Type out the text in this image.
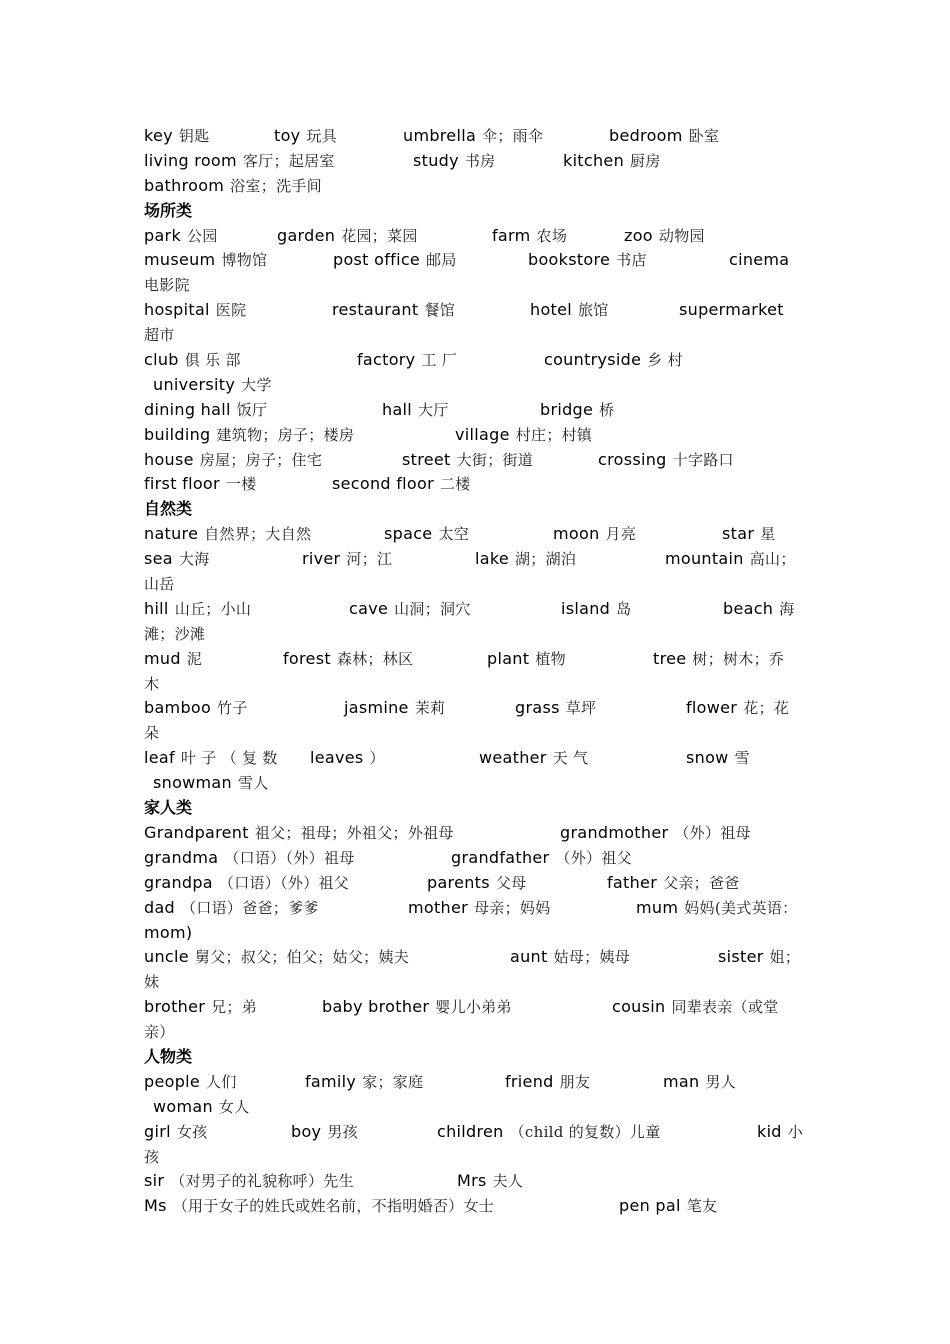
key 钥匙	toy 玩具	umbrella 伞；雨伞	bedroom 卧室
living room 客厅；起居室	study 书房	kitchen 厨房
bathroom 浴室；洗手间
场所类
park 公园	garden 花园；菜园	farm 农场	zoo 动物园
museum 博物馆	post office 邮局	bookstore 书店	cinema
电影院
hospital 医院	restaurant 餐馆	hotel 旅馆	supermarket
超市
club 俱 乐 部	factory 工 厂	countryside 乡 村
university 大学
dining hall 饭厅	hall 大厅	bridge 桥
building 建筑物；房子；楼房	village 村庄；村镇
house 房屋；房子；住宅	street 大街；街道	crossing 十字路口
first floor 一楼	second floor 二楼
自然类
nature 自然界；大自然	space 太空	moon 月亮	star 星
sea 大海	river 河；江	lake 湖；湖泊	mountain 高山；
山岳
hill 山丘；小山	cave 山洞；洞穴	island 岛	beach 海
滩；沙滩
mud 泥	forest 森林；林区	plant 植物	tree 树；树木；乔
木
bamboo 竹子	jasmine 茉莉	grass 草坪	flower 花；花
朵
leaf 叶 子 （ 复 数 leaves ）	weather 天 气	snow 雪
snowman 雪人
家人类
Grandparent 祖父；祖母；外祖父；外祖母	grandmother （外）祖母
grandma （口语）（外）祖母	grandfather （外）祖父
grandpa （口语）（外）祖父	parents 父母	father 父亲；爸爸
dad （口语）爸爸；爹爹	mother 母亲；妈妈	mum 妈妈(美式英语：
mom)
uncle 舅父；叔父；伯父；姑父；姨夫	aunt 姑母；姨母	sister 姐；
妹
brother 兄；弟	baby brother 婴儿小弟弟	cousin 同辈表亲（或堂
亲）
人物类
people 人们	family 家；家庭	friend 朋友	man 男人
woman 女人
girl 女孩	boy 男孩	children （child 的复数）儿童	kid 小
孩
sir （对男子的礼貌称呼）先生	Mrs 夫人
Ms （用于女子的姓氏或姓名前，不指明婚否）女士	pen pal 笔友
